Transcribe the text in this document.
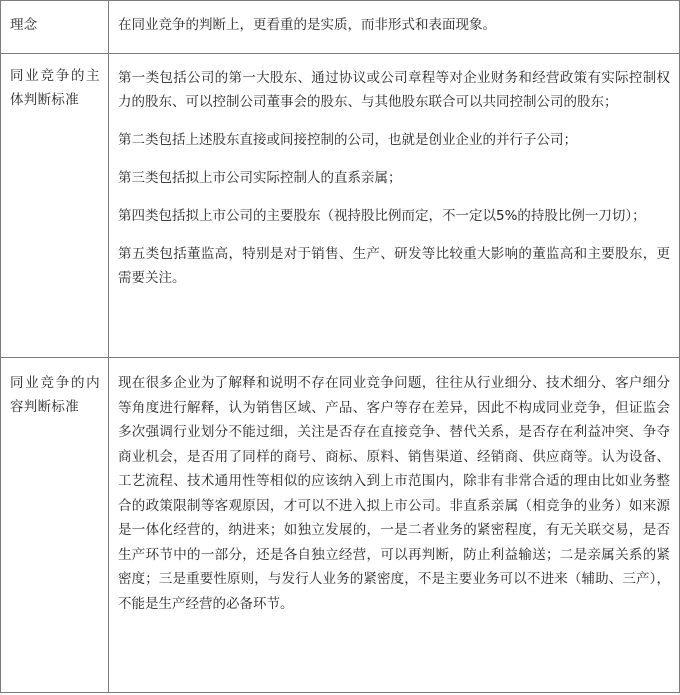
理念	在同业竞争的判断上，更看重的是实质，而非形式和表面现象。

同业竞争的主体判断标准	第一类包括公司的第一大股东、通过协议或公司章程等对企业财务和经营政策有实际控制权力的股东、可以控制公司董事会的股东、与其他股东联合可以共同控制公司的股东；

第二类包括上述股东直接或间接控制的公司，也就是创业企业的并行子公司；

第三类包括拟上市公司实际控制人的直系亲属；

第四类包括拟上市公司的主要股东（视持股比例而定，不一定以5%的持股比例一刀切）；

第五类包括董监高，特别是对于销售、生产、研发等比较重大影响的董监高和主要股东，更需要关注。

同业竞争的内容判断标准	现在很多企业为了解释和说明不存在同业竞争问题，往往从行业细分、技术细分、客户细分等角度进行解释，认为销售区域、产品、客户等存在差异，因此不构成同业竞争，但证监会多次强调行业划分不能过细，关注是否存在直接竞争、替代关系，是否存在利益冲突、争夺商业机会，是否用了同样的商号、商标、原料、销售渠道、经销商、供应商等。认为设备、工艺流程、技术通用性等相似的应该纳入到上市范围内，除非有非常合适的理由比如业务整合的政策限制等客观原因，才可以不进入拟上市公司。非直系亲属（相竞争的业务）如来源是一体化经营的，纳进来；如独立发展的，一是二者业务的紧密程度，有无关联交易，是否生产环节中的一部分，还是各自独立经营，可以再判断，防止利益输送；二是亲属关系的紧密度；三是重要性原则，与发行人业务的紧密度，不是主要业务可以不进来（辅助、三产），不能是生产经营的必备环节。
